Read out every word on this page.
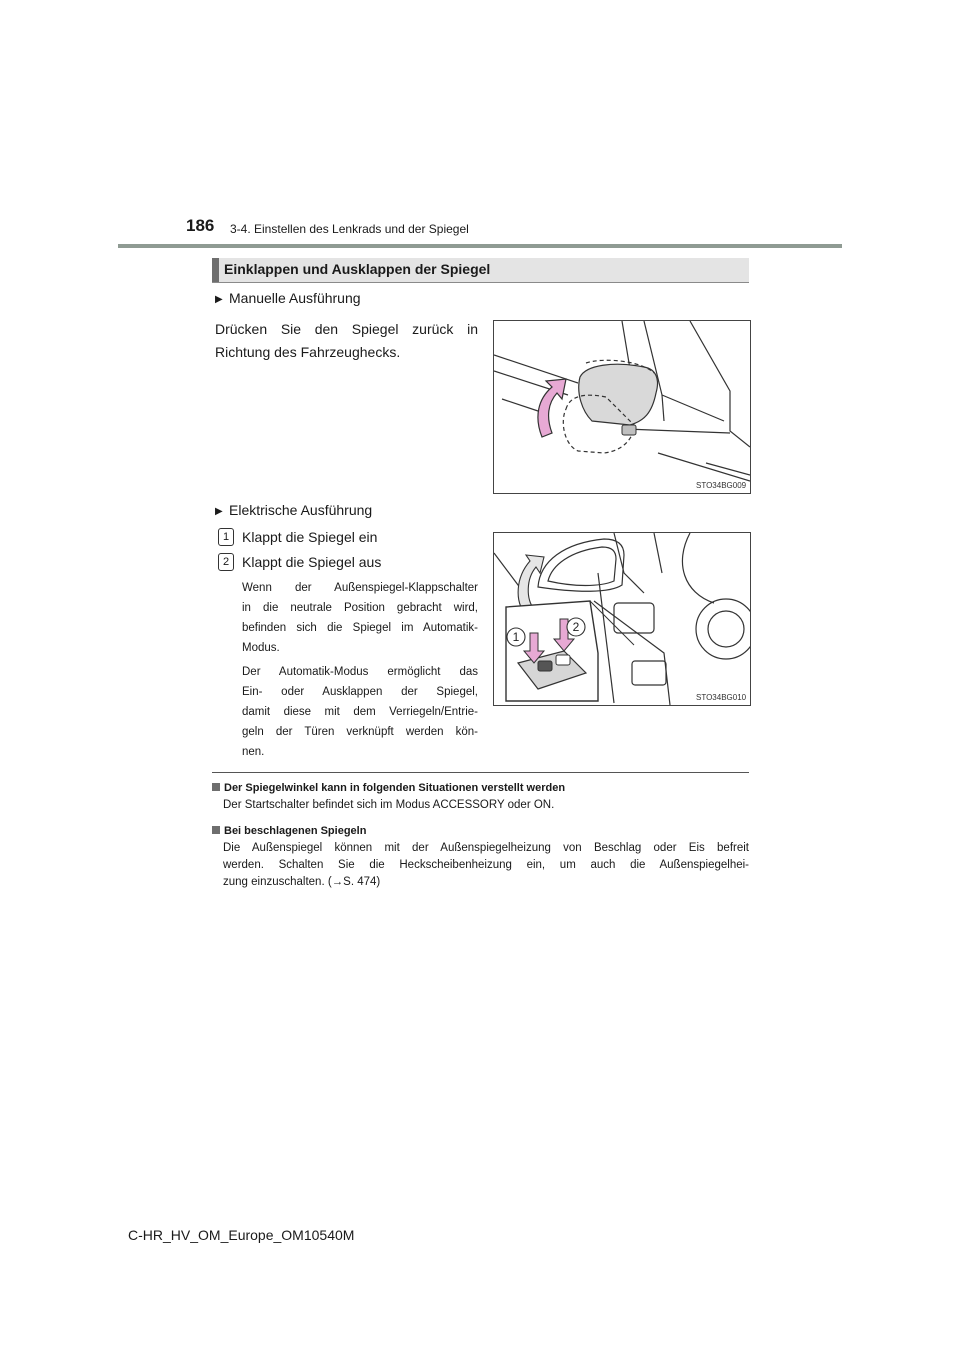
186 3-4. Einstellen des Lenkrads und der Spiegel
Einklappen und Ausklappen der Spiegel
▶ Manuelle Ausführung
Drücken Sie den Spiegel zurück in
Richtung des Fahrzeughecks.
STO34BG009
▶ Elektrische Ausführung
1 Klappt die Spiegel ein
2 Klappt die Spiegel aus
Wenn der Außenspiegel-Klappschalter
in die neutrale Position gebracht wird,
befinden sich die Spiegel im Automatik-
Modus.
Der Automatik-Modus ermöglicht das
Ein- oder Ausklappen der Spiegel,
damit diese mit dem Verriegeln/Entrie-
geln der Türen verknüpft werden kön-
nen.
1
2
STO34BG010
Der Spiegelwinkel kann in folgenden Situationen verstellt werden
Der Startschalter befindet sich im Modus ACCESSORY oder ON.
Bei beschlagenen Spiegeln
Die Außenspiegel können mit der Außenspiegelheizung von Beschlag oder Eis befreit
werden. Schalten Sie die Heckscheibenheizung ein, um auch die Außenspiegelhei-
zung einzuschalten. (→S. 474)
C-HR_HV_OM_Europe_OM10540M
